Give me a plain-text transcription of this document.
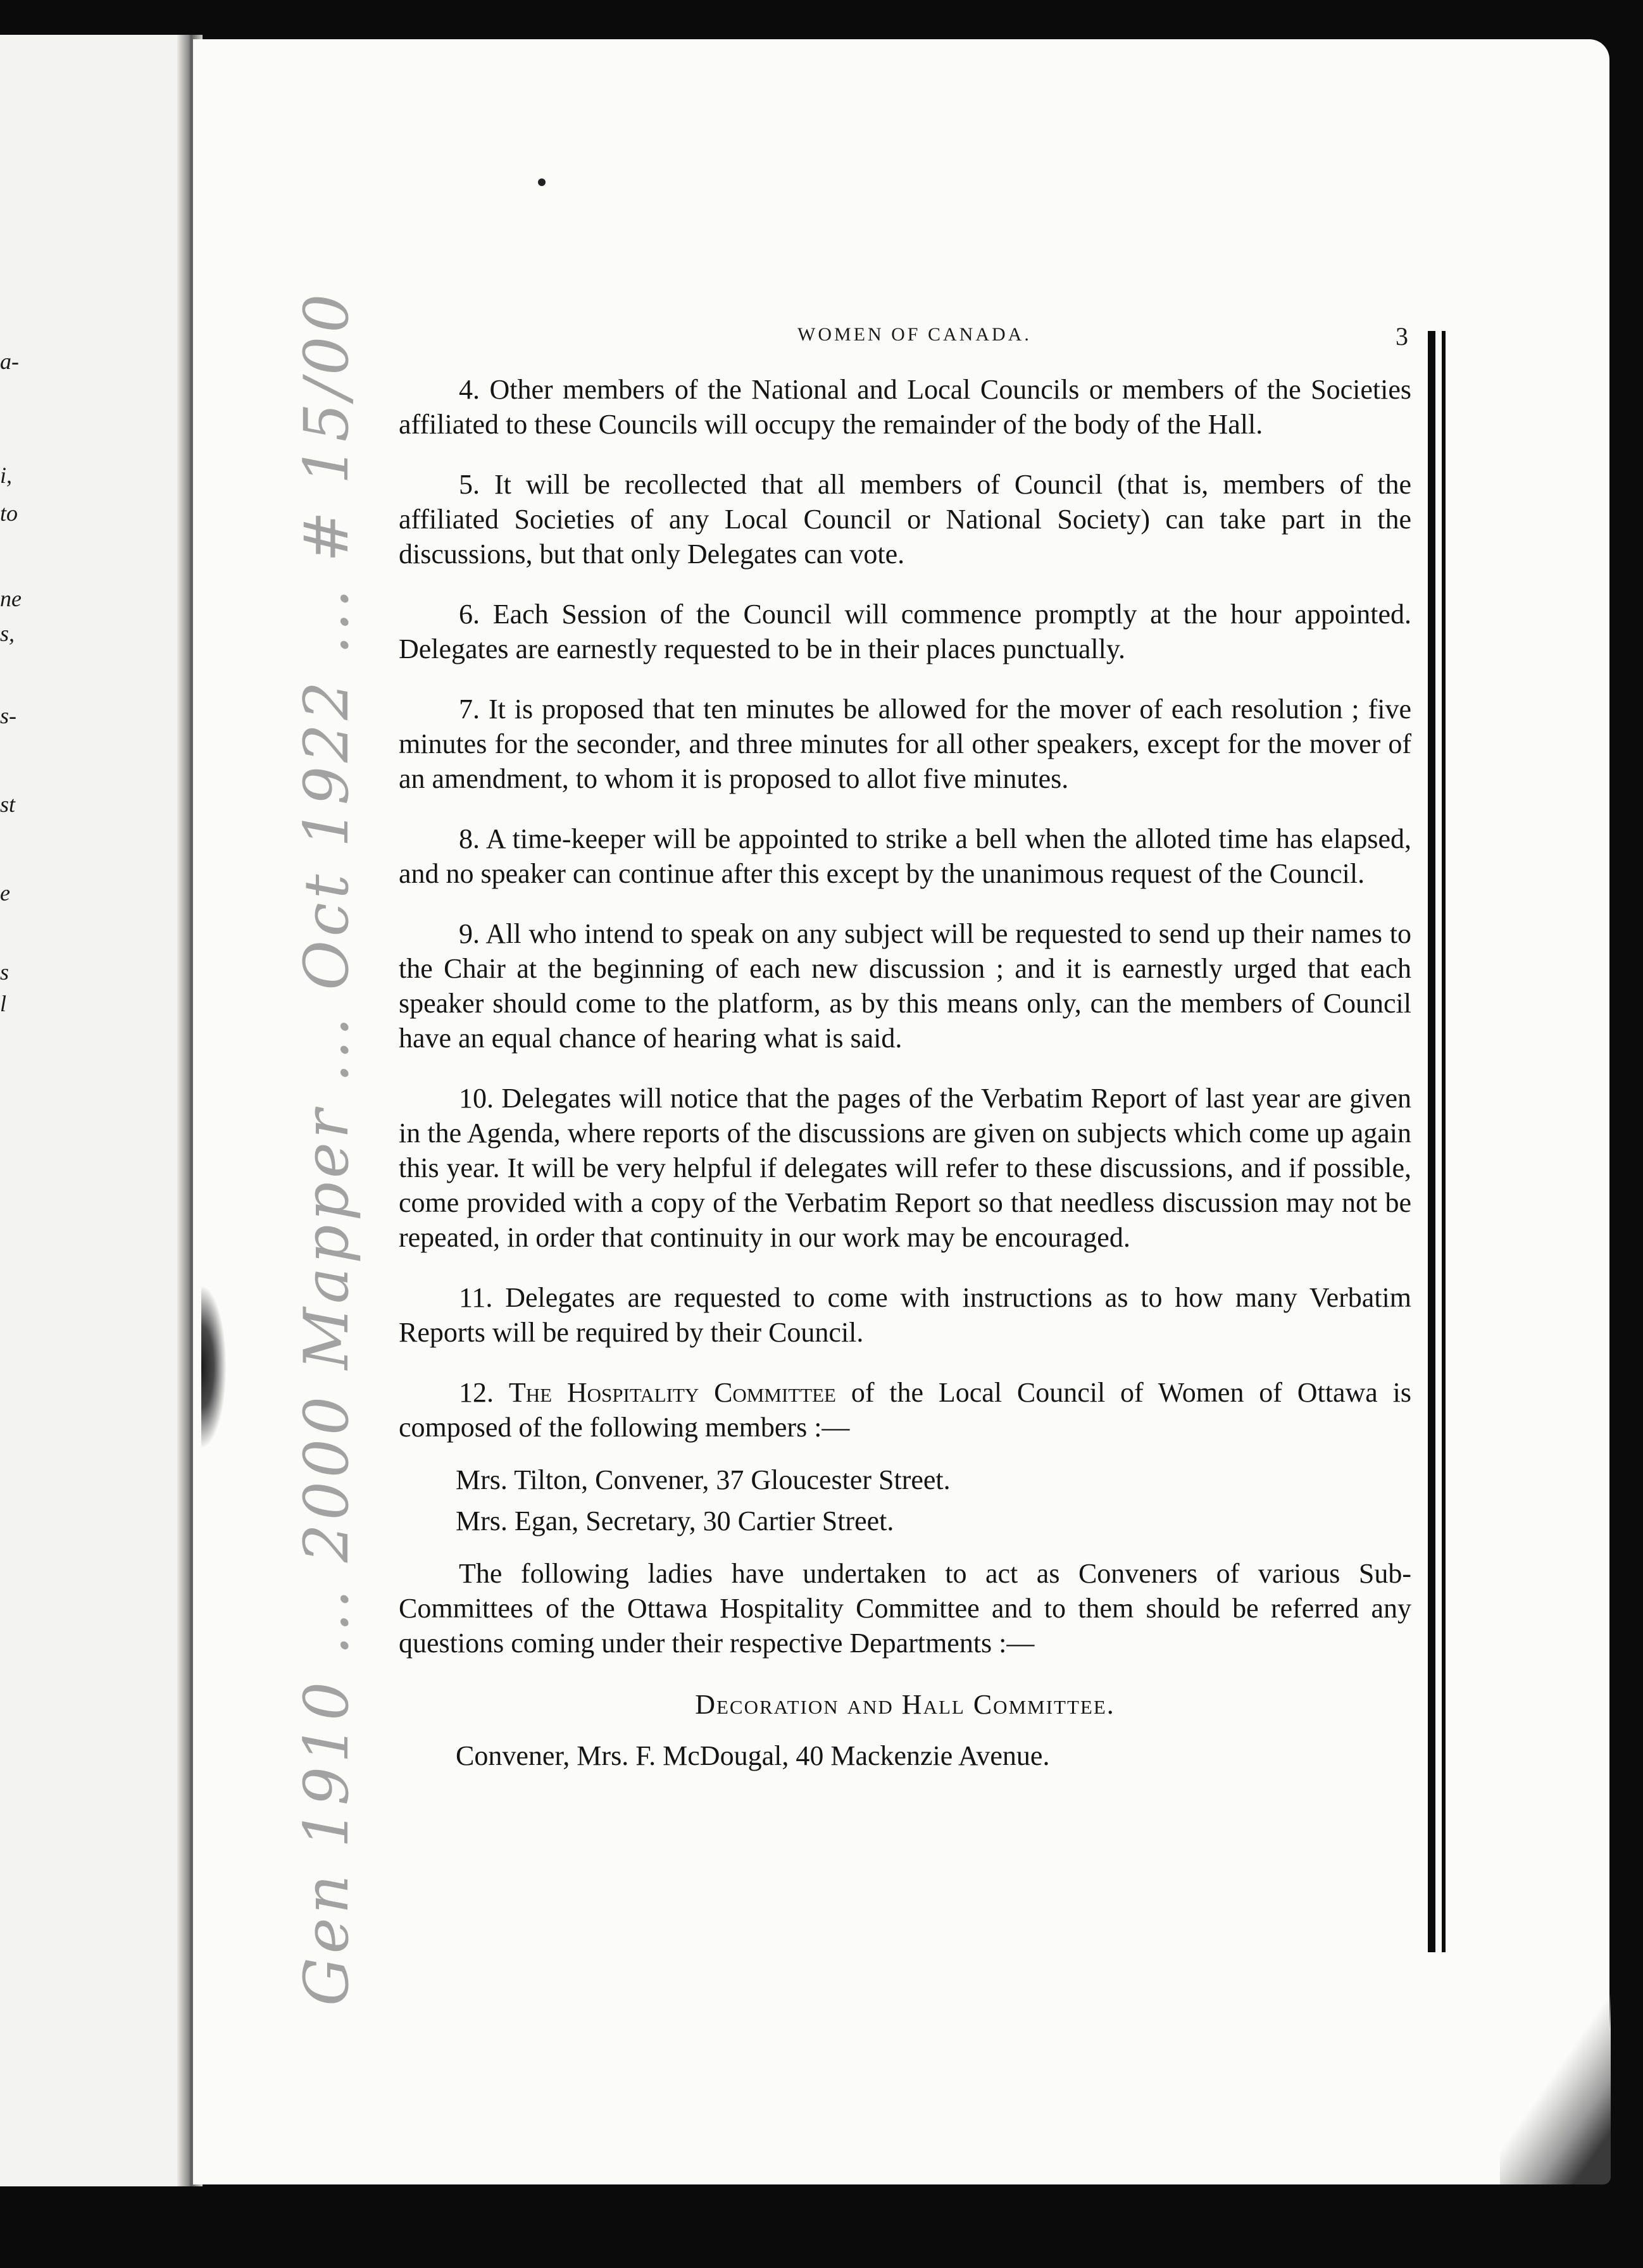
a-
i,
to
ne
s,
s-
st
e
s
l
WOMEN OF CANADA.	3

4. Other members of the National and Local Councils or members of the Societies affiliated to these Councils will occupy the remainder of the body of the Hall.

5. It will be recollected that all members of Council (that is, members of the affiliated Societies of any Local Council or National Society) can take part in the discussions, but that only Delegates can vote.

6. Each Session of the Council will commence promptly at the hour appointed. Delegates are earnestly requested to be in their places punctually.

7. It is proposed that ten minutes be allowed for the mover of each resolution ; five minutes for the seconder, and three minutes for all other speakers, except for the mover of an amendment, to whom it is proposed to allot five minutes.

8. A time-keeper will be appointed to strike a bell when the alloted time has elapsed, and no speaker can continue after this except by the unanimous request of the Council.

9. All who intend to speak on any subject will be requested to send up their names to the Chair at the beginning of each new discussion ; and it is earnestly urged that each speaker should come to the platform, as by this means only, can the members of Council have an equal chance of hearing what is said.

10. Delegates will notice that the pages of the Verbatim Report of last year are given in the Agenda, where reports of the discussions are given on subjects which come up again this year. It will be very helpful if delegates will refer to these discussions, and if possible, come provided with a copy of the Verbatim Report so that needless discussion may not be repeated, in order that continuity in our work may be encouraged.

11. Delegates are requested to come with instructions as to how many Verbatim Reports will be required by their Council.

12. The Hospitality Committee of the Local Council of Women of Ottawa is composed of the following members :—

Mrs. Tilton, Convener, 37 Gloucester Street.
Mrs. Egan, Secretary, 30 Cartier Street.

The following ladies have undertaken to act as Conveners of various Sub-Committees of the Ottawa Hospitality Committee and to them should be referred any questions coming under their respective Departments :—

Decoration and Hall Committee.
Convener, Mrs. F. McDougal, 40 Mackenzie Avenue.
Gen 1910 ... 2000 Mapper ... Oct 1922 ... # 15/00
